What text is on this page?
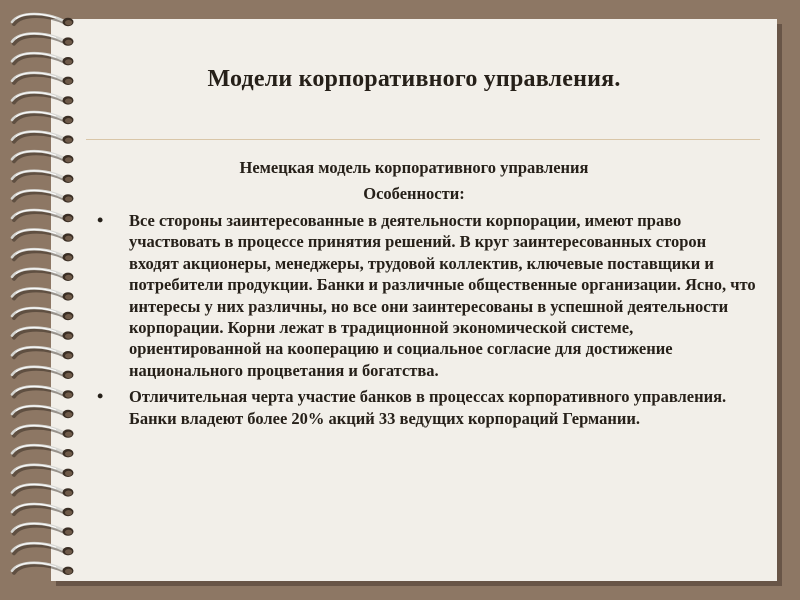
Модели корпоративного управления.
Немецкая модель корпоративного управления
Особенности:
• Все стороны заинтересованные в деятельности корпорации, имеют право участвовать в процессе принятия решений. В круг заинтересованных сторон входят акционеры, менеджеры, трудовой коллектив, ключевые поставщики и потребители продукции. Банки и различные общественные организации. Ясно, что интересы у них различны, но все они заинтересованы в успешной деятельности корпорации. Корни лежат в традиционной экономической системе, ориентированной на кооперацию и социальное согласие для достижение национального процветания и богатства.
• Отличительная черта участие банков в процессах корпоративного управления. Банки владеют более 20% акций 33 ведущих корпораций Германии.
